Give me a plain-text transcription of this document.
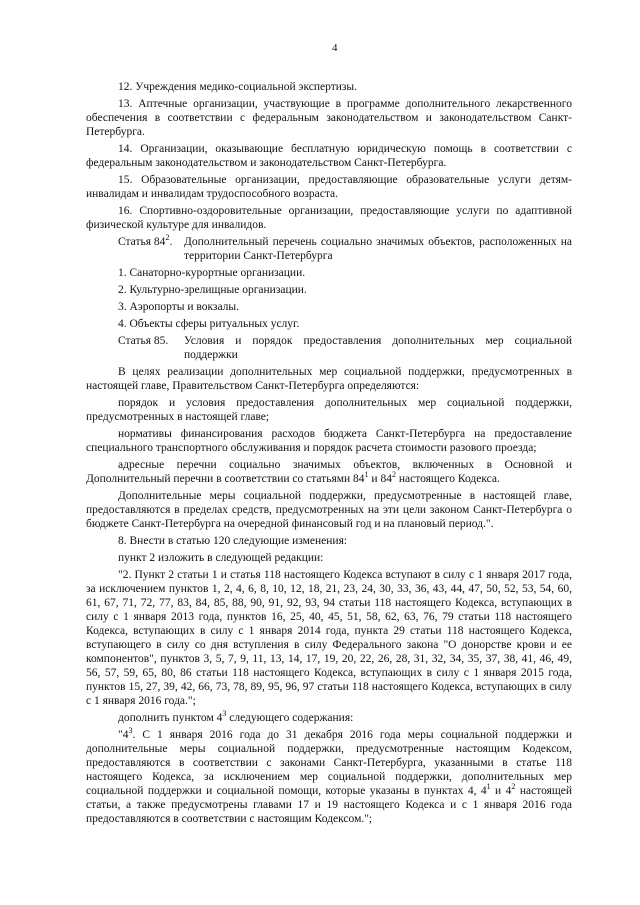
4

12. Учреждения медико-социальной экспертизы.

13. Аптечные организации, участвующие в программе дополнительного лекарственного обеспечения в соответствии с федеральным законодательством и законодательством Санкт-Петербурга.

14. Организации, оказывающие бесплатную юридическую помощь в соответствии с федеральным законодательством и законодательством Санкт-Петербурга.

15. Образовательные организации, предоставляющие образовательные услуги детям-инвалидам и инвалидам трудоспособного возраста.

16. Спортивно-оздоровительные организации, предоставляющие услуги по адаптивной физической культуре для инвалидов.

Статья $84^2$.	Дополнительный перечень социально значимых объектов, расположенных на территории Санкт-Петербурга

1. Санаторно-курортные организации.

2. Культурно-зрелищные организации.

3. Аэропорты и вокзалы.

4. Объекты сферы ритуальных услуг.

Статья 85.	Условия и порядок предоставления дополнительных мер социальной поддержки

В целях реализации дополнительных мер социальной поддержки, предусмотренных в настоящей главе, Правительством Санкт-Петербурга определяются:

порядок и условия предоставления дополнительных мер социальной поддержки, предусмотренных в настоящей главе;

нормативы финансирования расходов бюджета Санкт-Петербурга на предоставление специального транспортного обслуживания и порядок расчета стоимости разового проезда;

адресные перечни социально значимых объектов, включенных в Основной и Дополнительный перечни в соответствии со статьями $84^1$ и $84^2$ настоящего Кодекса.

Дополнительные меры социальной поддержки, предусмотренные в настоящей главе, предоставляются в пределах средств, предусмотренных на эти цели законом Санкт-Петербурга о бюджете Санкт-Петербурга на очередной финансовый год и на плановый период.".

8. Внести в статью 120 следующие изменения:

пункт 2 изложить в следующей редакции:

"2. Пункт 2 статьи 1 и статья 118 настоящего Кодекса вступают в силу с 1 января 2017 года, за исключением пунктов 1, 2, 4, 6, 8, 10, 12, 18, 21, 23, 24, 30, 33, 36, 43, 44, 47, 50, 52, 53, 54, 60, 61, 67, 71, 72, 77, 83, 84, 85, 88, 90, 91, 92, 93, 94 статьи 118 настоящего Кодекса, вступающих в силу с 1 января 2013 года, пунктов 16, 25, 40, 45, 51, 58, 62, 63, 76, 79 статьи 118 настоящего Кодекса, вступающих в силу с 1 января 2014 года, пункта 29 статьи 118 настоящего Кодекса, вступающего в силу со дня вступления в силу Федерального закона "О донорстве крови и ее компонентов", пунктов 3, 5, 7, 9, 11, 13, 14, 17, 19, 20, 22, 26, 28, 31, 32, 34, 35, 37, 38, 41, 46, 49, 56, 57, 59, 65, 80, 86 статьи 118 настоящего Кодекса, вступающих в силу с 1 января 2015 года, пунктов 15, 27, 39, 42, 66, 73, 78, 89, 95, 96, 97 статьи 118 настоящего Кодекса, вступающих в силу с 1 января 2016 года.";

дополнить пунктом $4^3$ следующего содержания:

"$4^3$. С 1 января 2016 года до 31 декабря 2016 года меры социальной поддержки и дополнительные меры социальной поддержки, предусмотренные настоящим Кодексом, предоставляются в соответствии с законами Санкт-Петербурга, указанными в статье 118 настоящего Кодекса, за исключением мер социальной поддержки, дополнительных мер социальной поддержки и социальной помощи, которые указаны в пунктах 4, $4^1$ и $4^2$ настоящей статьи, а также предусмотрены главами 17 и 19 настоящего Кодекса и с 1 января 2016 года предоставляются в соответствии с настоящим Кодексом.";
